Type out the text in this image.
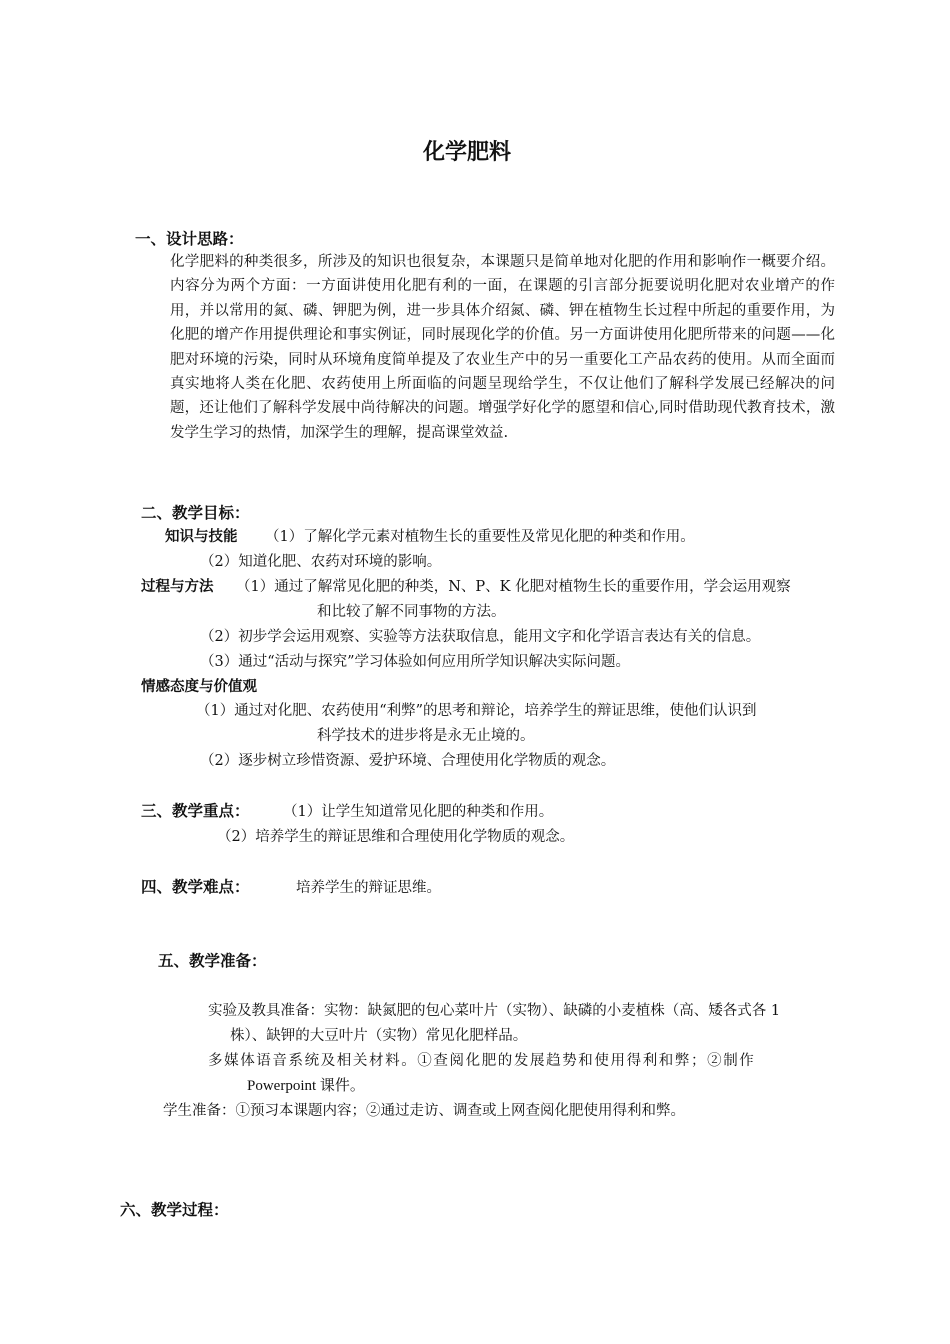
化学肥料
一、设计思路：
化学肥料的种类很多，所涉及的知识也很复杂，本课题只是简单地对化肥的作用和影响作一概要介绍。内容分为两个方面：一方面讲使用化肥有利的一面，在课题的引言部分扼要说明化肥对农业增产的作用，并以常用的氮、磷、钾肥为例，进一步具体介绍氮、磷、钾在植物生长过程中所起的重要作用，为化肥的增产作用提供理论和事实例证，同时展现化学的价值。另一方面讲使用化肥所带来的问题——化肥对环境的污染，同时从环境角度简单提及了农业生产中的另一重要化工产品农药的使用。从而全面而真实地将人类在化肥、农药使用上所面临的问题呈现给学生，不仅让他们了解科学发展已经解决的问题，还让他们了解科学发展中尚待解决的问题。增强学好化学的愿望和信心,同时借助现代教育技术，激发学生学习的热情，加深学生的理解，提高课堂效益.
二、教学目标：
知识与技能 （1）了解化学元素对植物生长的重要性及常见化肥的种类和作用。
（2）知道化肥、农药对环境的影响。
过程与方法 （1）通过了解常见化肥的种类，N、P、K 化肥对植物生长的重要作用，学会运用观察
和比较了解不同事物的方法。
（2）初步学会运用观察、实验等方法获取信息，能用文字和化学语言表达有关的信息。
（3）通过“活动与探究”学习体验如何应用所学知识解决实际问题。
情感态度与价值观
（1）通过对化肥、农药使用“利弊”的思考和辩论，培养学生的辩证思维，使他们认识到
科学技术的进步将是永无止境的。
（2）逐步树立珍惜资源、爱护环境、合理使用化学物质的观念。
三、教学重点： （1）让学生知道常见化肥的种类和作用。
（2）培养学生的辩证思维和合理使用化学物质的观念。
四、教学难点：	培养学生的辩证思维。
五、教学准备：
实验及教具准备：实物：缺氮肥的包心菜叶片（实物）、缺磷的小麦植株（高、矮各式各 1
株）、缺钾的大豆叶片（实物）常见化肥样品。
多媒体语音系统及相关材料。①查阅化肥的发展趋势和使用得利和弊；②制作
Powerpoint 课件。
学生准备：①预习本课题内容；②通过走访、调查或上网查阅化肥使用得利和弊。
六、教学过程：
